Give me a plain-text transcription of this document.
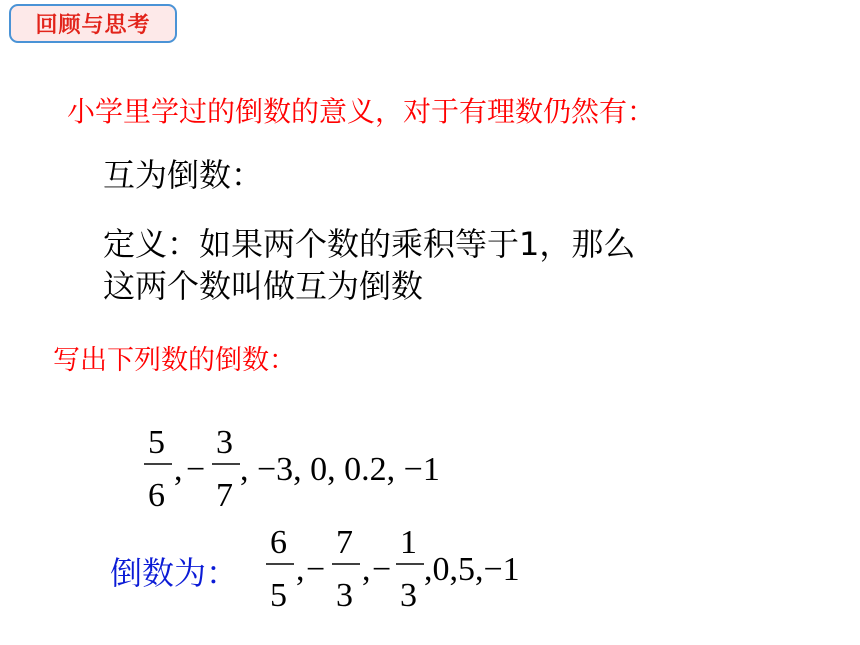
回顾与思考
小学里学过的倒数的意义，对于有理数仍然有：
互为倒数：
定义：如果两个数的乘积等于1，那么
这两个数叫做互为倒数
写出下列数的倒数：
5
6
, −
3
7
, −3, 0, 0.2, −1
倒数为：
6
5
, −
7
3
, −
1
3
,0,5,−1
